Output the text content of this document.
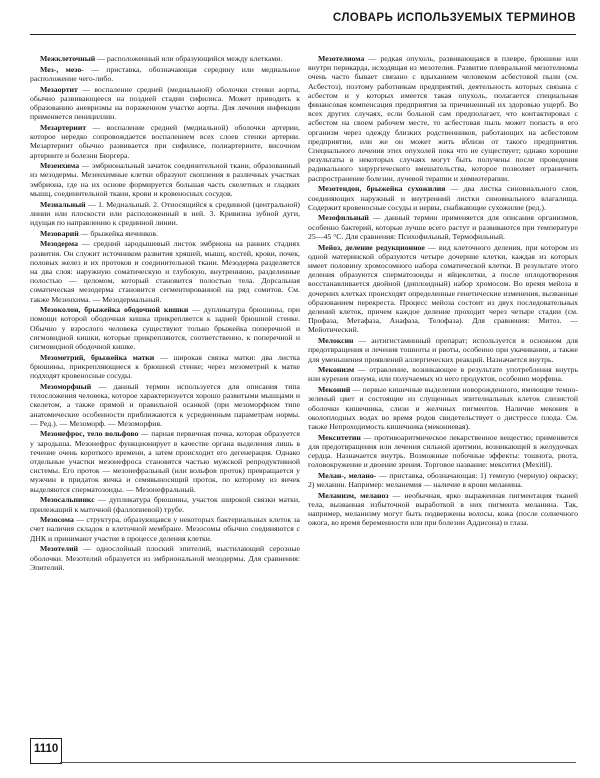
СЛОВАРЬ ИСПОЛЬЗУЕМЫХ ТЕРМИНОВ

Межклеточный — расположенный или образующийся между клетками.

Мез-, мезо- — приставка, обозначающая середину или медиальное расположение чего-либо.

Мезаортит — воспаление средней (медиальной) оболочки стенки аорты, обычно развивающееся на поздней стадии сифилиса. Может приводить к образованию аневризмы на пораженном участке аорты. Для лечения инфекции применяется пенициллин.

Мезартериит — воспаление средней (медиальной) оболочки артерии, которое нередко сопровождается воспалением всех слоев стенки артерии. Мезартериит обычно развивается при сифилисе, полиартериите, височном артериите и болезни Бюргера.

Мезенхима — эмбриональный зачаток соединительной ткани, образованный из мезодермы. Мезенхимные клетки образуют скопления в различных участках эмбриона, где на их основе формируется большая часть скелетных и гладких мышц, соединительной ткани, крови и кровеносных сосудов.

Мезиальный — 1. Медиальный. 2. Относящийся к срединной (центральной) линии или плоскости или расположенный в ней. 3. Кривизна зубной дуги, идущая по направлению к срединной линии.

Мезоварий — брыжейка яичников.

Мезодерма — средний зародышевый листок эмбриона на ранних стадиях развития. Он служит источником развития хряшей, мышц, костей, крови, почек, половых желез и их протоков и соединительной ткани. Мезодерма разделяется на два слоя: наружную соматическую и глубокую, внутреннюю, разделенные полостью — целомом, который становится полостью тела. Дорсальная соматическая мезодерма становится сегментированной на ряд сомитов. См. также Мезенхима. — Мезодермальный.

Мезоколон, брыжейка ободочной кишки — дупликатура брюшины, при помощи которой ободочная кишка прикрепляется к задней брюшной стенке. Обычно у взрослого человека существуют только брыжейка поперечной и сигмовидной кишки, которые прикрепляются, соответственно, к поперечной и сигмовидной ободочной кишке.

Мезометрий, брыжейка матки — широкая связка матки: два листка брюшины, прикрепляющиеся к брюшной стенке; через мезометрий к матке подходят кровеносные сосуды.

Мезоморфный — данный термин используется для описания типа телосложения человека, которое характеризуется хорошо развитыми мышцами и скелетом, а также прямой и правильной осанкой (при мезоморфном типе анатомические особенности приближаются к усредненным параметрам нормы. — Ред.). — Мезоморф. — Мезоморфия.

Мезонефрос, тело вольфово — парная первичная почка, которая образуется у зародыша. Мезонефрос функционирует в качестве органа выделения лишь в течение очень короткого времени, а затем происходит его дегенерация. Однако отдельные участки мезонефроса становятся частью мужской репродуктивной системы. Его проток — мезонефральный (или вольфов проток) превращается у мужчин в придаток яичка и семявыносящий проток, по которому из яичек выделяются сперматозоиды. — Мезонефральный.

Мезосальпинкс — дупликатура брюшины, участок широкой связки матки, прилежащий к маточной (фаллопиевой) трубе.

Мезосома — структура, образующаяся у некоторых бактериальных клеток за счет наличия складок в клеточной мембране. Мезосомы обычно соединяются с ДНК и принимают участие в процессе деления клетки.

Мезотелий — однослойный плоский эпителий, выстилающий серозные оболочки. Мезотелий образуется из эмбриональной мезодермы. Для сравнения: Эпителий.

Мезотелиома — редкая опухоль, развивающаяся в плевре, брюшине или внутри перикарда, исходящая из мезотелия. Развитие плевральной мезотелиомы очень часто бывает связано с вдыханием человеком асбестовой пыли (см. Асбестоз), поэтому работникам предприятий, деятельность которых связана с асбестом и у которых имеется такая опухоль, полагается специальная финансовая компенсация предприятия за причиненный их здоровью ущерб. Во всех других случаях, если больной сам предполагает, что контактировал с асбестом на своем рабочем месте, то асбестовая пыль может попасть в его организм через одежду близких родственников, работающих на асбестовом предприятии, или же он может жить вблизи от такого предприятия. Специального лечения этих опухолей пока что не существует; однако хорошие результаты в некоторых случаях могут быть получены после проведения радикального хирургического вмешательства, которое позволяет ограничить распространение болезни, лучевой терапии и химиотерапии.

Мезотендон, брыжейка сухожилия — два листка синовиального слоя, соединяющих наружный и внутренний листки синовиального влагалища. Содержит кровеносные сосуды и нервы, снабжающие сухожилие (ред.).

Мезофильный — данный термин применяется для описания организмов, особенно бактерий, которые лучше всего растут и развиваются при температуре 25—45 °С. Для сравнения: Психофильный, Термофильный.

Мейоз, деление редукционное — вид клеточного деления, при котором из одной материнской образуются четыре дочерние клетки, каждая из которых имеет половину хромосомного набора соматической клетки. В результате этого деления образуются сперматозоиды и яйцеклетки, а после оплодотворения восстанавливается двойной (диплоидный) набор хромосом. Во время мейоза в дочерних клетках происходят определенные генетические изменения, вызванные образованием перекреста. Процесс мейоза состоит из двух последовательных делений клеток, причем каждое деление проходит через четыре стадии (см. Профаза, Метафаза, Анафаза, Телофаза). Для сравнения: Митоз. — Мейотический.

Мелоксин — антигистаминный препарат; используется в основном для предотвращения и лечения тошноты и рвоты, особенно при укачивании, а также для уменьшения проявлений аллергических реакций. Назначается внутрь.

Меконизм — отравление, возникающее в результате употребления внутрь или курения опиума, или получаемых из него продуктов, особенно морфина.

Меконий — первые кишечные выделения новорожденного, имеющие темно-зеленый цвет и состоящие из слущенных эпителиальных клеток слизистой оболочки кишечника, слизи и желчных пигментов. Наличие мекония в околоплодных водах во время родов свидетельствует о дистрессе плода. См. также Непроходимость кишечника (мекониевая).

Мекситетин — противоаритмическое лекарственное вещество; применяется для предотвращения или лечения сильной аритмии, возникающей в желудочках сердца. Назначается внутрь. Возможные побочные эффекты: тошнота, рвота, головокружение и двоение зрения. Торговое название: мекситил (Mexitil).

Мелан-, мелано- — приставка, обозначающая: 1) темную (черную) окраску; 2) меланин. Например: меланемия — наличие в крови меланина.

Меланизм, меланоз — необычная, ярко выраженная пигментация тканей тела, вызванная избыточной выработкой в них пигмента меланина. Так, например, меланизму могут быть подвержены волосы, кожа (после солнечного ожога, во время беременности или при болезни Аддисона) и глаза.

1110
